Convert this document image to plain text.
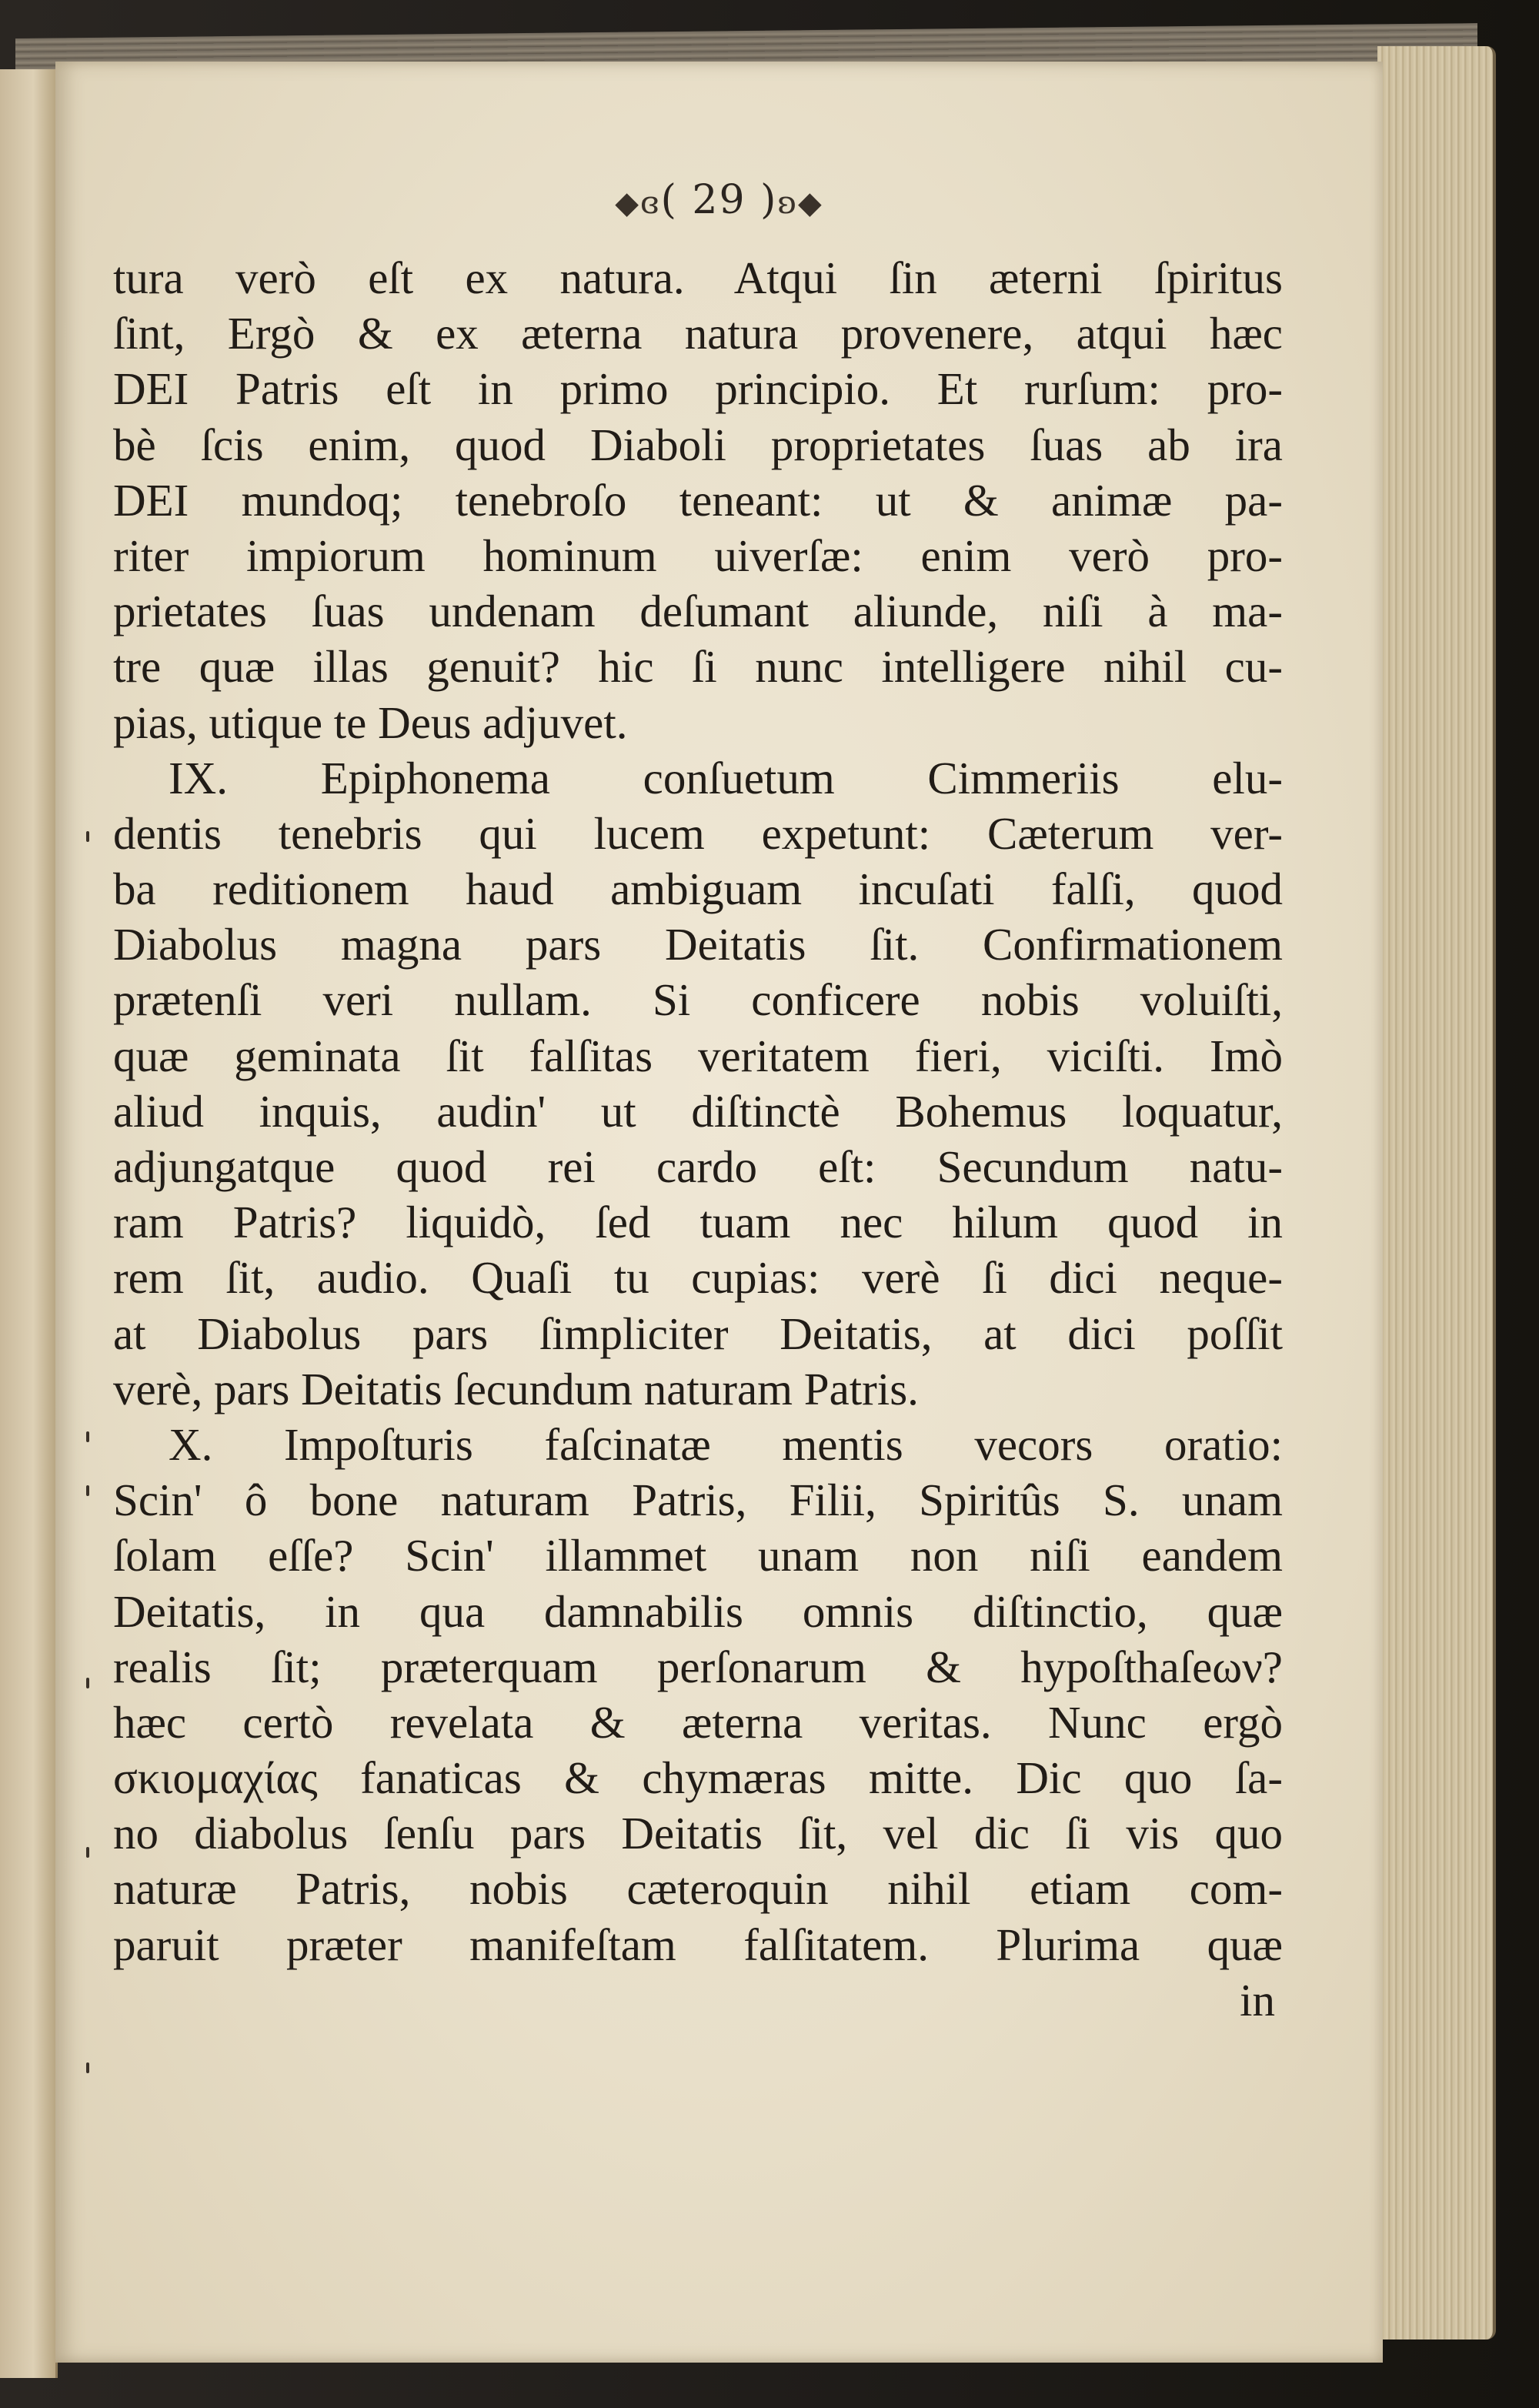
◆ɞ( 29 )ʚ◆
tura verò eſt ex natura. Atqui ſin æterni ſpiritus
ſint, Ergò & ex æterna natura provenere, atqui hæc
DEI Patris eſt in primo principio. Et rurſum: pro-
bè ſcis enim, quod Diaboli proprietates ſuas ab ira
DEI mundoq; tenebroſo teneant: ut & animæ pa-
riter impiorum hominum uiverſæ: enim verò pro-
prietates ſuas undenam deſumant aliunde, niſi à ma-
tre quæ illas genuit? hic ſi nunc intelligere nihil cu-
pias, utique te Deus adjuvet.
IX. Epiphonema conſuetum Cimmeriis elu-
dentis tenebris qui lucem expetunt: Cæterum ver-
ba reditionem haud ambiguam incuſati falſi, quod
Diabolus magna pars Deitatis ſit. Confirmationem
prætenſi veri nullam. Si conficere nobis voluiſti,
quæ geminata ſit falſitas veritatem fieri, viciſti. Imò
aliud inquis, audin' ut diſtinctè Bohemus loquatur,
adjungatque quod rei cardo eſt: Secundum natu-
ram Patris? liquidò, ſed tuam nec hilum quod in
rem ſit, audio. Quaſi tu cupias: verè ſi dici neque-
at Diabolus pars ſimpliciter Deitatis, at dici poſſit
verè, pars Deitatis ſecundum naturam Patris.
X. Impoſturis faſcinatæ mentis vecors oratio:
Scin' ô bone naturam Patris, Filii, Spiritûs S. unam
ſolam eſſe? Scin' illammet unam non niſi eandem
Deitatis, in qua damnabilis omnis diſtinctio, quæ
realis ſit; præterquam perſonarum & hypoſthaſeων?
hæc certò revelata & æterna veritas. Nunc ergò
σκιομαχίας fanaticas & chymæras mitte. Dic quo ſa-
no diabolus ſenſu pars Deitatis ſit, vel dic ſi vis quo
naturæ Patris, nobis cæteroquin nihil etiam com-
paruit præter manifeſtam falſitatem. Plurima quæ
in
